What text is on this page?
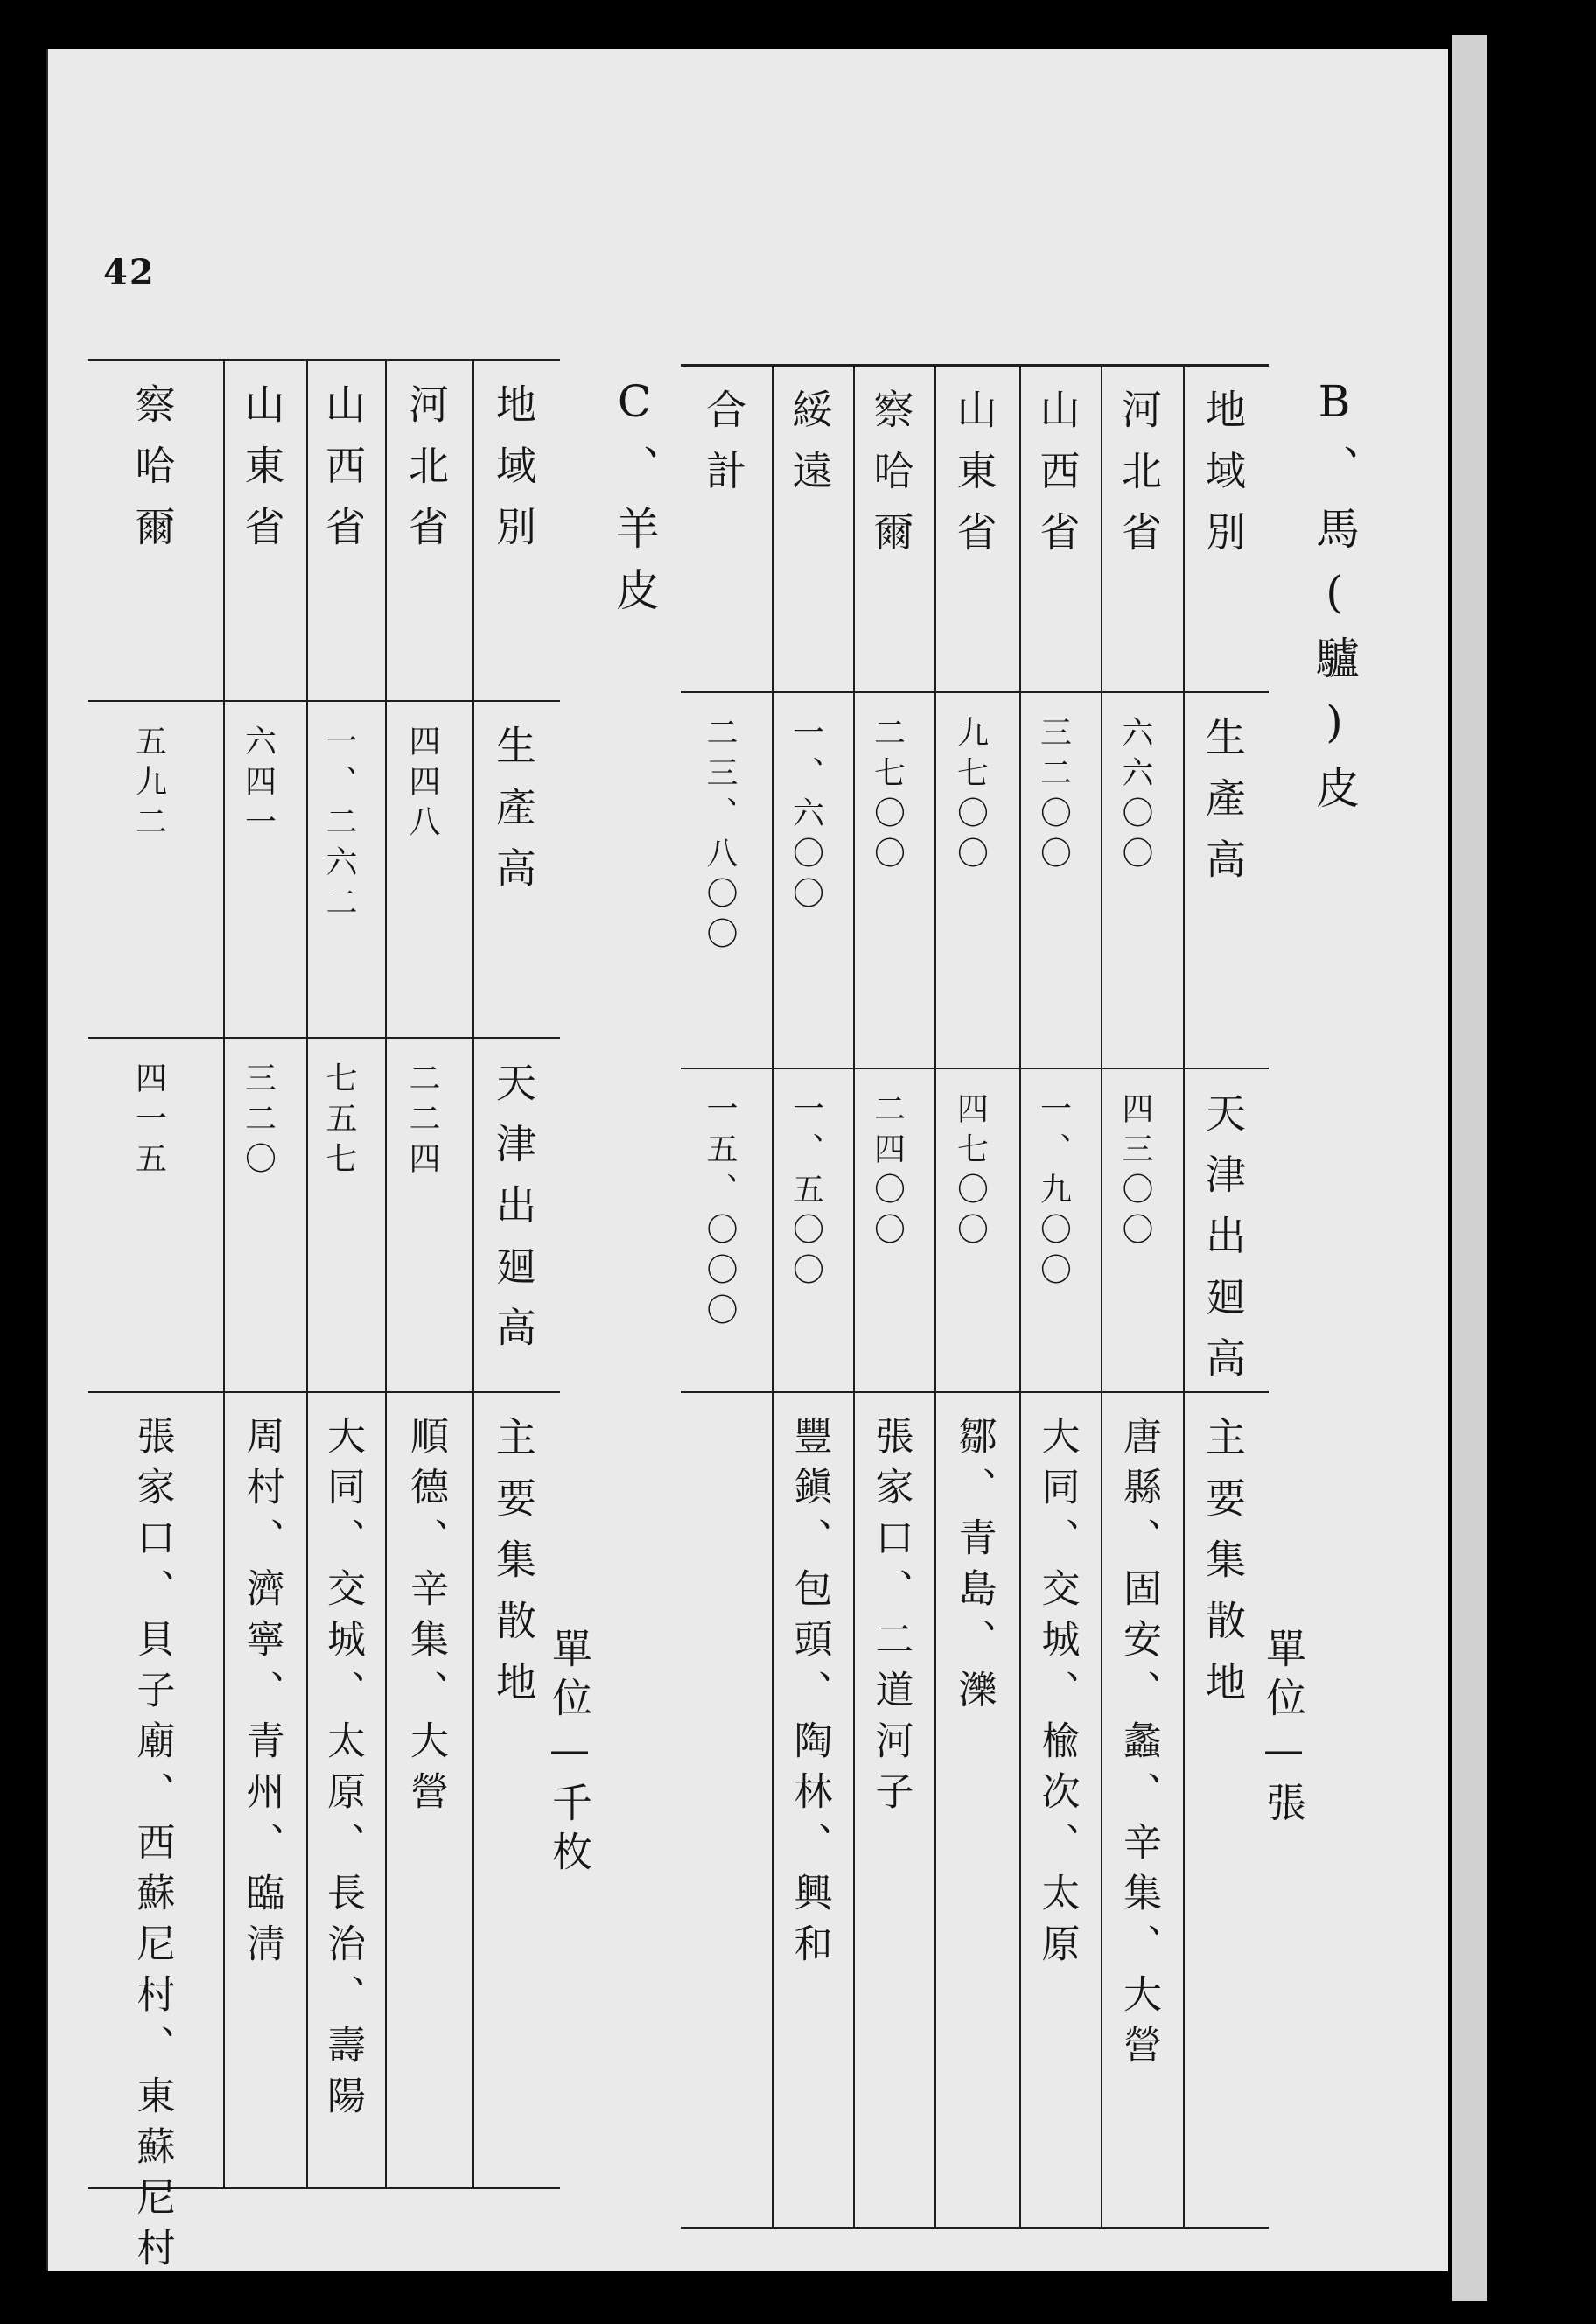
42
B、馬(驢)皮
單位—張
地域別
生產高
天津出廻高
主要集散地
河北省
六六〇〇
四三〇〇
唐縣、固安、蠡、辛集、大營
山西省
三二〇〇
一、九〇〇
大同、交城、楡次、太原
山東省
九七〇〇
四七〇〇
鄒、青島、濼
察哈爾
二七〇〇
二四〇〇
張家口、二道河子
綏遠
一、六〇〇
一、五〇〇
豐鎭、包頭、陶林、興和
合計
二三、八〇〇
一五、〇〇〇
C、羊皮
單位—千枚
地域別
生產高
天津出廻高
主要集散地
河北省
四四八
二二四
順德、辛集、大營
山西省
一、二六二
七五七
大同、交城、太原、長治、壽陽
山東省
六四一
三二〇
周村、濟寧、青州、臨淸
察哈爾
五九二
四一五
張家口、貝子廟、西蘇尼村、東蘇尼村
